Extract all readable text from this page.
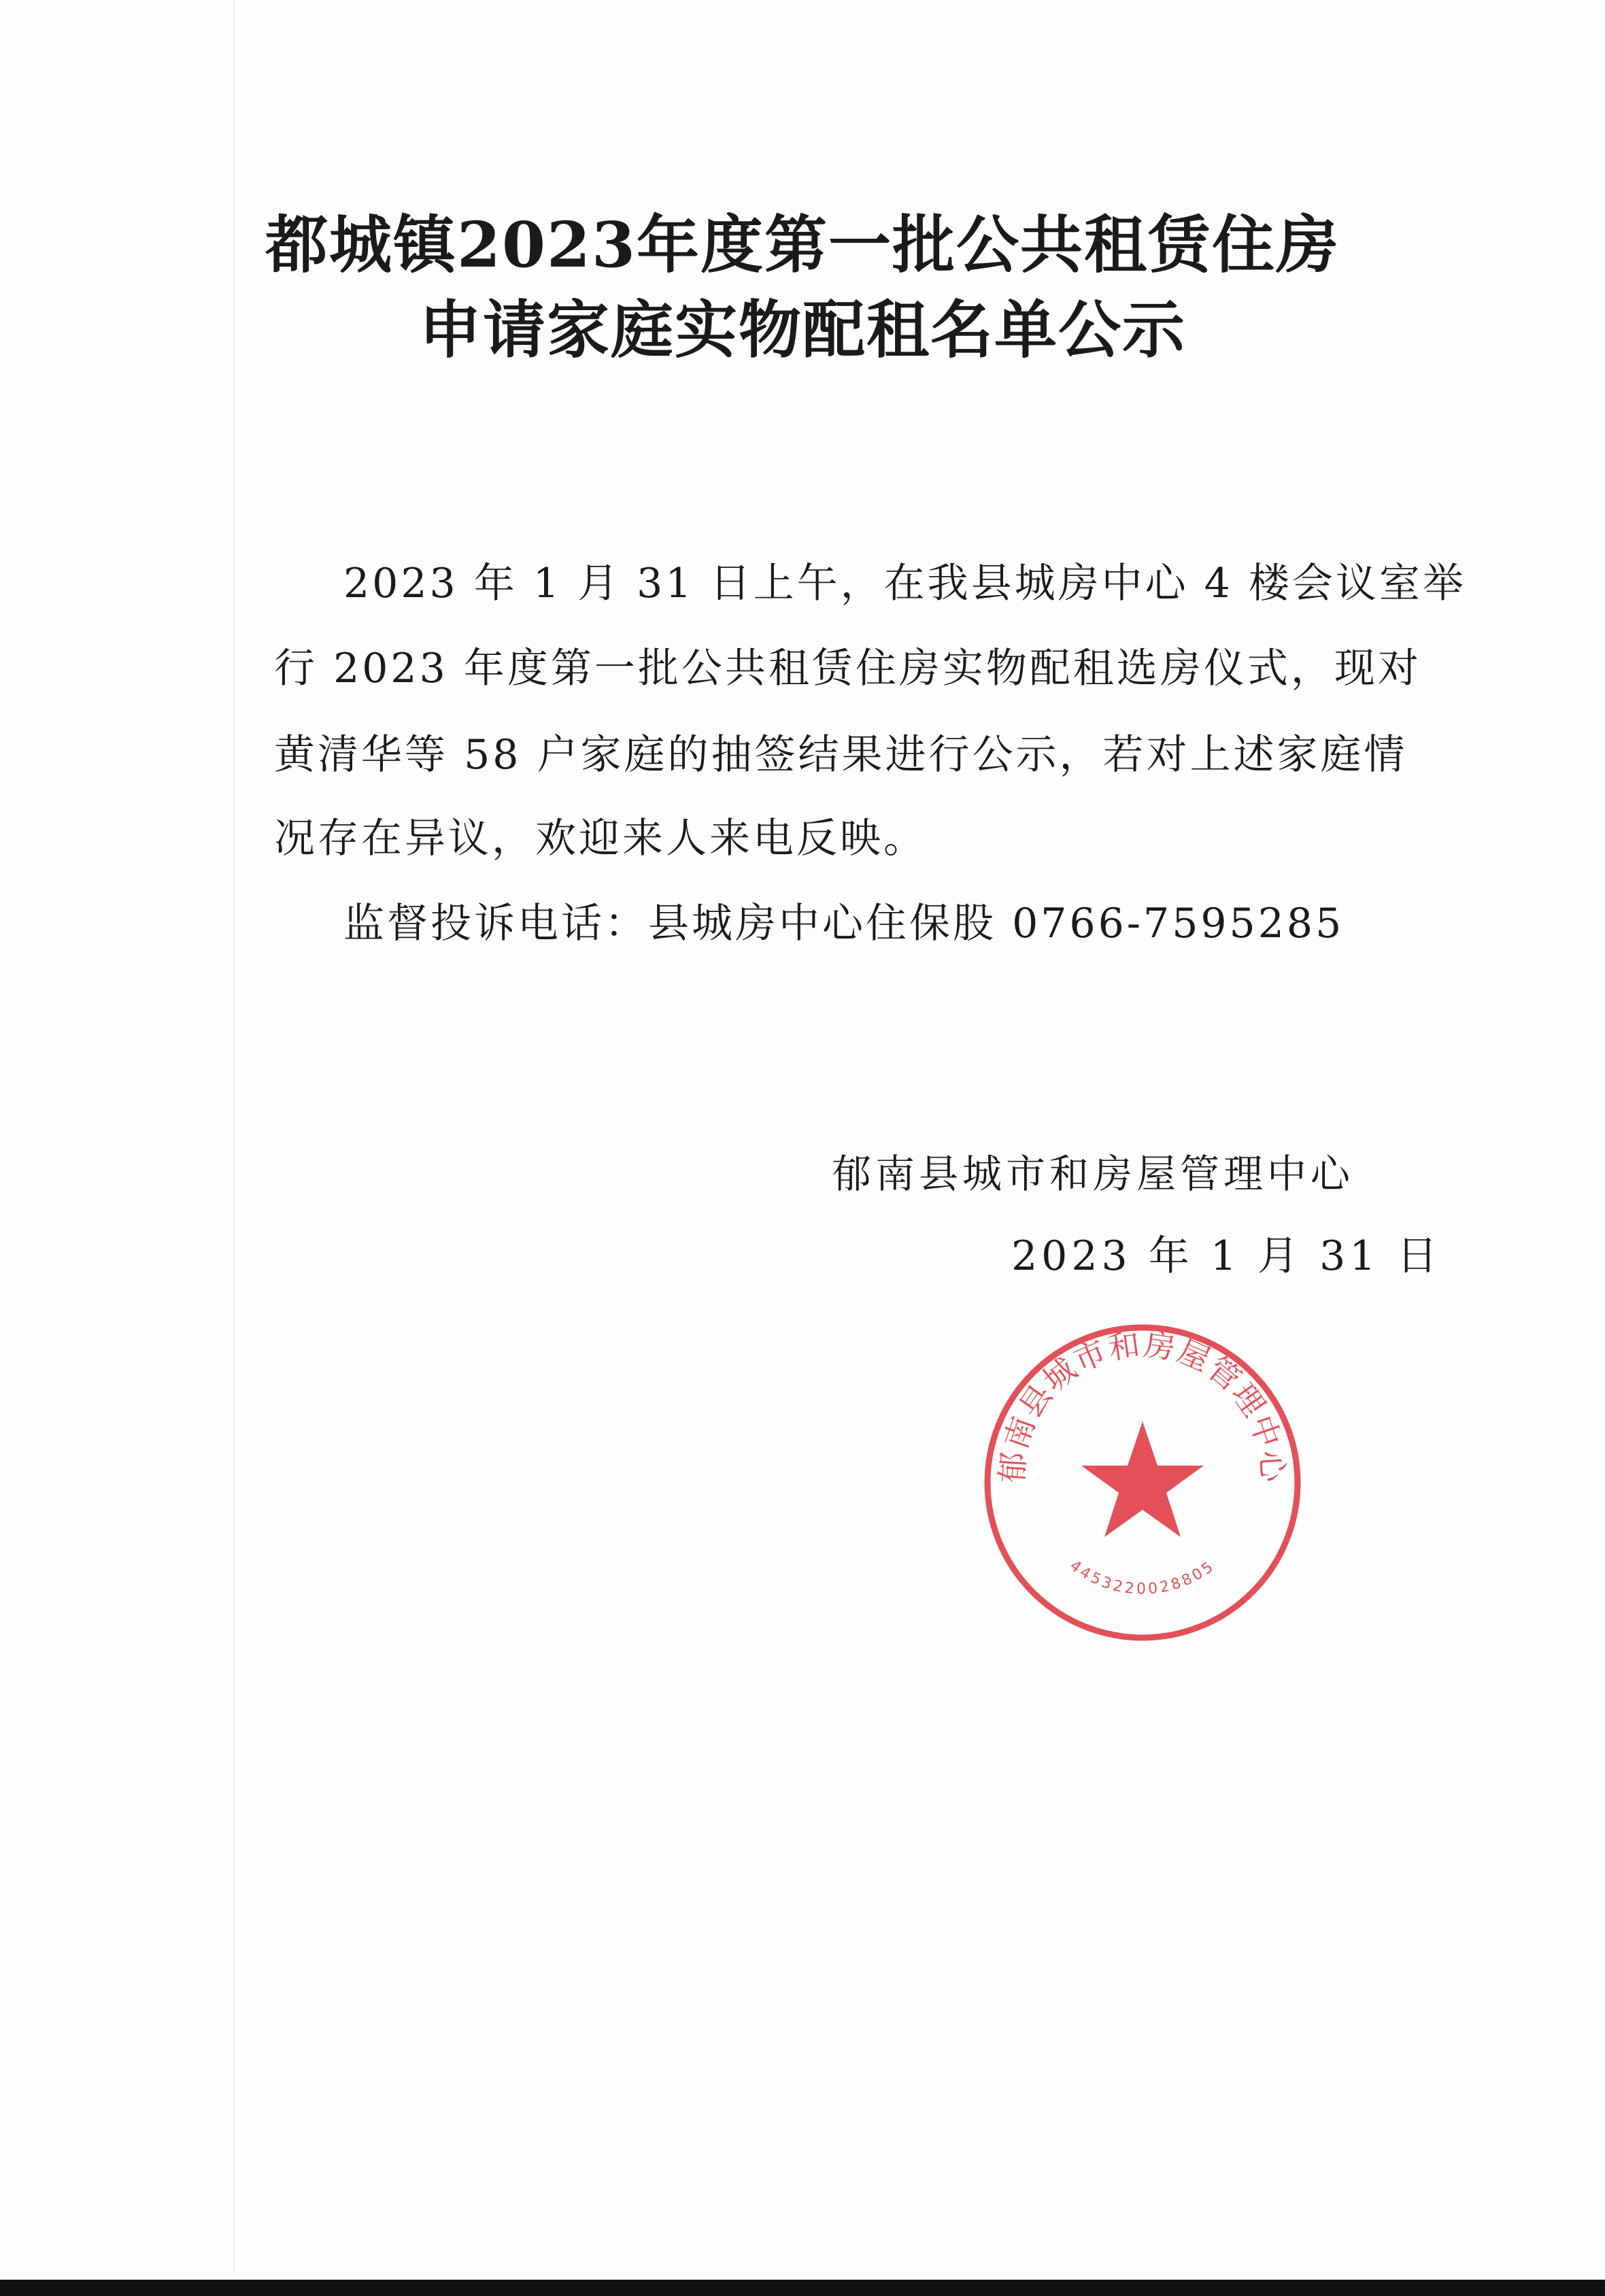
都城镇2023年度第一批公共租赁住房
申请家庭实物配租名单公示
2023 年 1 月 31 日上午，在我县城房中心 4 楼会议室举
行 2023 年度第一批公共租赁住房实物配租选房仪式，现对
黄清华等 58 户家庭的抽签结果进行公示，若对上述家庭情
况存在异议，欢迎来人来电反映。
监督投诉电话：县城房中心住保股 0766-7595285
郁南县城市和房屋管理中心
2023 年 1 月 31 日
郁南县城市和房屋管理中心
4453220028805
